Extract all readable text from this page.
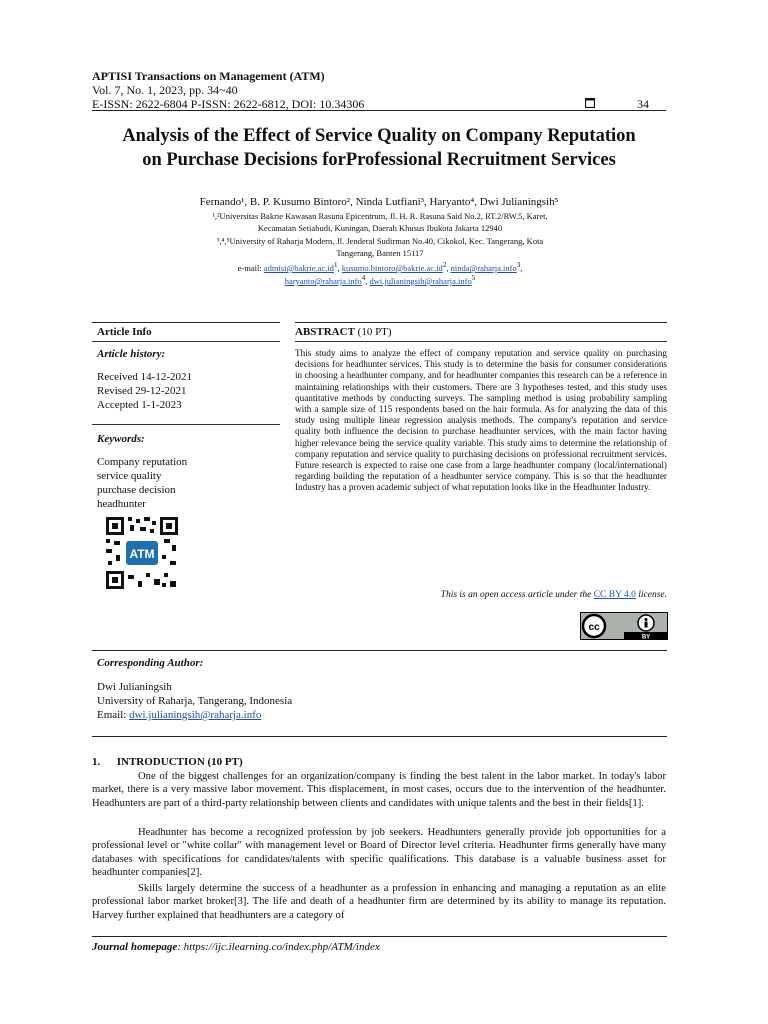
APTISI Transactions on Management (ATM)
Vol. 7, No. 1, 2023, pp. 34~40
E-ISSN: 2622-6804 P-ISSN: 2622-6812, DOI: 10.34306	34
Analysis of the Effect of Service Quality on Company Reputation
on Purchase Decisions forProfessional Recruitment Services
Fernando¹, B. P. Kusumo Bintoro², Ninda Lutfiani³, Haryanto⁴, Dwi Julianingsih⁵
¹,²Universitas Bakrie Kawasan Rasuna Epicentrum, Jl. H. R. Rasuna Said No.2, RT.2/RW.5, Karet,
Kecamatan Setiabudi, Kuningan, Daerah Khusus Ibukota Jakarta 12940
³,⁴,⁵University of Raharja Modern, Jl. Jenderal Sudirman No.40, Cikokol, Kec. Tangerang, Kota
Tangerang, Banten 15117
e-mail: $admisi@bakrie.ac.id^1$, $kusumo.bintoro@bakrie.ac.id^2$, ninda@raharja.info$^3$,
haryanto@raharja.info$^4$, dwi.julianingsih@raharja.info$^5$
Article Info
Article history:
Received 14-12-2021
Revised 29-12-2021
Accepted 1-1-2023
Keywords:
Company reputation
service quality
purchase decision
headhunter
ATM
ABSTRACT (10 PT)
This study aims to analyze the effect of company reputation and service quality on purchasing decisions for headhunter services. This study is to determine the basis for consumer considerations in choosing a headhunter company, and for headhunter companies this research can be a reference in maintaining relationships with their customers. There are 3 hypotheses tested, and this study uses quantitative methods by conducting surveys. The sampling method is using probability sampling with a sample size of 115 respondents based on the hair formula. As for analyzing the data of this study using multiple linear regression analysis methods. The company's reputation and service quality both influence the decision to purchase headhunter services, with the main factor having higher relevance being the service quality variable. This study aims to determine the relationship of company reputation and service quality to purchasing decisions on professional recruitment services. Future research is expected to raise one case from a large headhunter company (local/international) regarding building the reputation of a headhunter service company. This is so that the headhunter Industry has a proven academic subject of what reputation looks like in the Headhunter Industry.
This is an open access article under the CC BY 4.0 license.
cc
BY
Corresponding Author:
Dwi Julianingsih
University of Raharja, Tangerang, Indonesia
Email: dwi.julianingsih@raharja.info
1.      INTRODUCTION (10 PT)
One of the biggest challenges for an organization/company is finding the best talent in the labor market. In today's labor market, there is a very massive labor movement. This displacement, in most cases, occurs due to the intervention of the headhunter. Headhunters are part of a third-party relationship between clients and candidates with unique talents and the best in their fields[1].
Headhunter has become a recognized profession by job seekers. Headhunters generally provide job opportunities for a professional level or "white collar" with management level or Board of Director level criteria. Headhunter firms generally have many databases with specifications for candidates/talents with specific qualifications. This database is a valuable business asset for headhunter companies[2].
Skills largely determine the success of a headhunter as a profession in enhancing and managing a reputation as an elite professional labor market broker[3]. The life and death of a headhunter firm are determined by its ability to manage its reputation. Harvey further explained that headhunters are a category of
Journal homepage: https://ijc.ilearning.co/index.php/ATM/index
